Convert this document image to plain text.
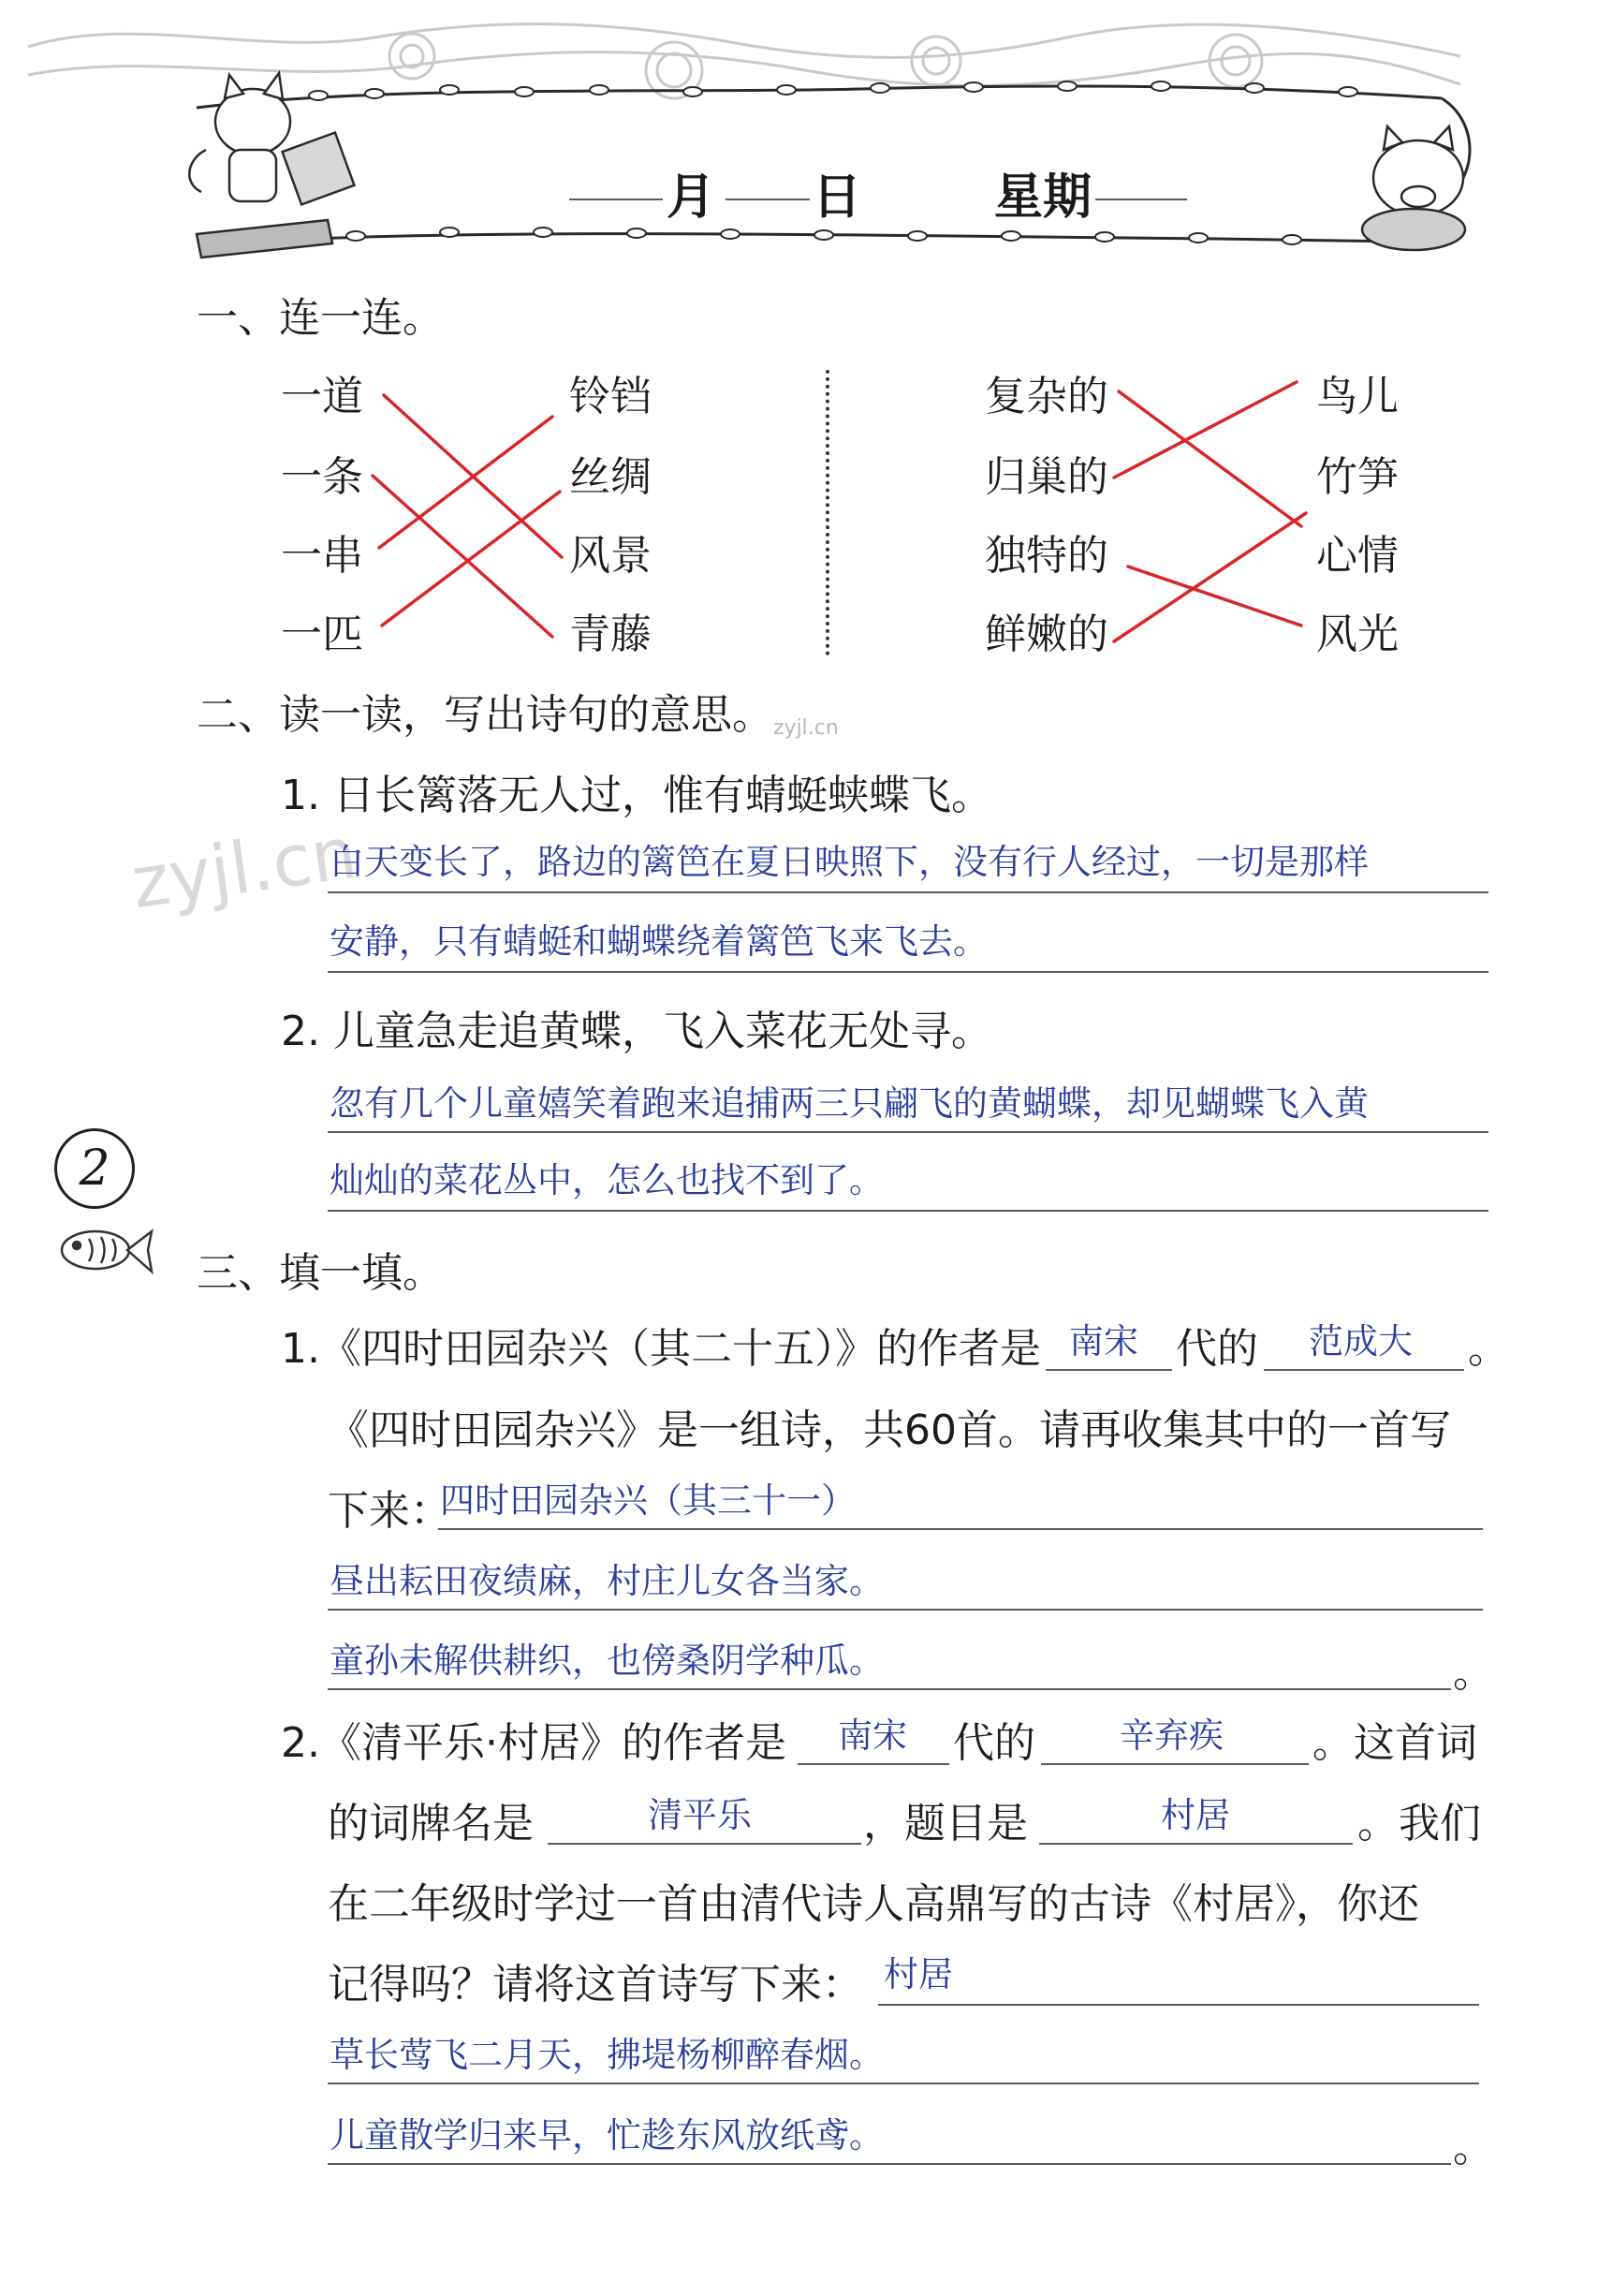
月 日	星期
一、连一连。
一道
一条
一串
一匹
铃铛
丝绸
风景
青藤
复杂的
归巢的
独特的
鲜嫩的
鸟儿
竹笋
心情
风光
二、读一读，写出诗句的意思。 zyjl.cn
1. 日长篱落无人过，惟有蜻蜓蛱蝶飞。
zyjl.cn
白天变长了，路边的篱笆在夏日映照下，没有行人经过，一切是那样
安静，只有蜻蜓和蝴蝶绕着篱笆飞来飞去。
2. 儿童急走追黄蝶，飞入菜花无处寻。
忽有几个儿童嬉笑着跑来追捕两三只翩飞的黄蝴蝶，却见蝴蝶飞入黄
灿灿的菜花丛中，怎么也找不到了。
2
三、填一填。
1.《四时田园杂兴（其二十五）》的作者是 南宋 代的 范成大 。
《四时田园杂兴》是一组诗，共60首。请再收集其中的一首写
下来：
四时田园杂兴（其三十一）
昼出耘田夜绩麻，村庄儿女各当家。
童孙未解供耕织，也傍桑阴学种瓜。	。
2.《清平乐·村居》的作者是 南宋 代的 辛弃疾 。这首词
的词牌名是	清平乐	，题目是	村居	。我们
在二年级时学过一首由清代诗人高鼎写的古诗《村居》，你还
记得吗？请将这首诗写下来： 村居
草长莺飞二月天，拂堤杨柳醉春烟。
儿童散学归来早，忙趁东风放纸鸢。	。
